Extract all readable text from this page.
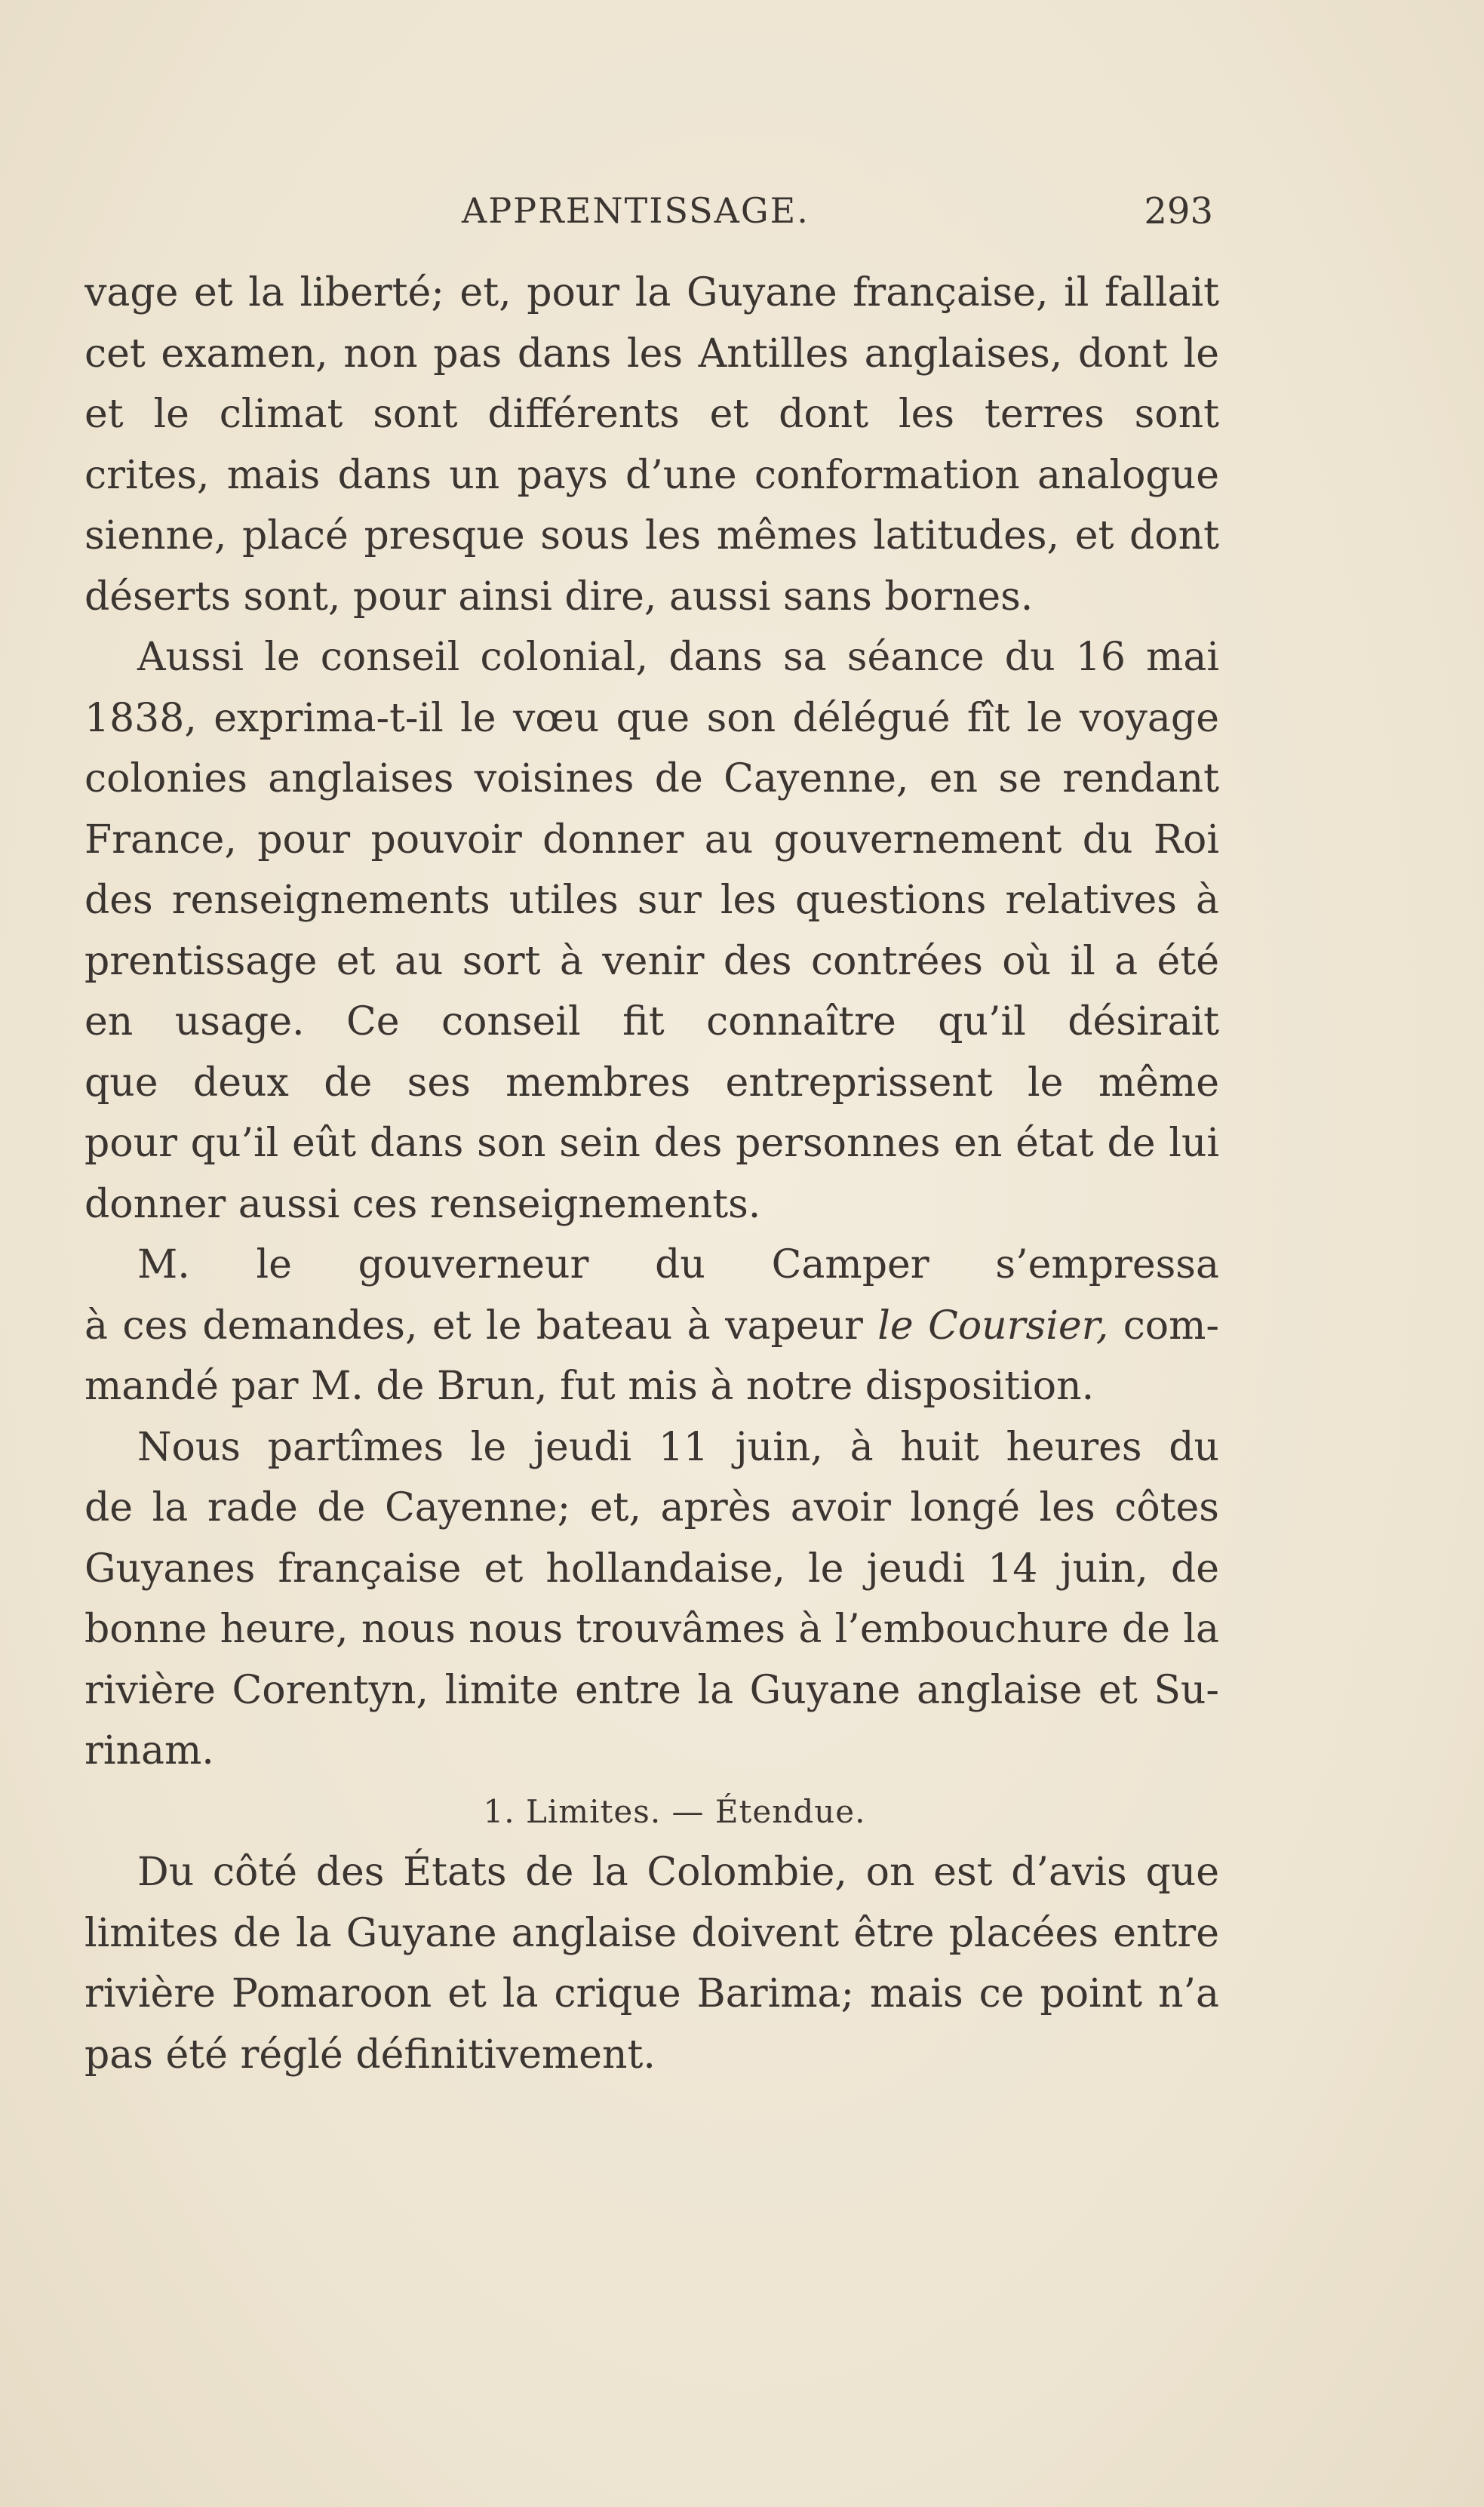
APPRENTISSAGE.	293
vage et la liberté; et, pour la Guyane française, il fallait
cet examen, non pas dans les Antilles anglaises, dont le
et le climat sont différents et dont les terres sont
crites, mais dans un pays d’une conformation analogue
sienne, placé presque sous les mêmes latitudes, et dont
déserts sont, pour ainsi dire, aussi sans bornes.
Aussi le conseil colonial, dans sa séance du 16 mai
1838, exprima-t-il le vœu que son délégué fît le voyage
colonies anglaises voisines de Cayenne, en se rendant
France, pour pouvoir donner au gouvernement du Roi
des renseignements utiles sur les questions relatives à
prentissage et au sort à venir des contrées où il a été
en usage. Ce conseil fit connaître qu’il désirait
que deux de ses membres entreprissent le même
pour qu’il eût dans son sein des personnes en état de lui
donner aussi ces renseignements.
M. le gouverneur du Camper s’empressa
à ces demandes, et le bateau à vapeur le Coursier, com-
mandé par M. de Brun, fut mis à notre disposition.
Nous partîmes le jeudi 11 juin, à huit heures du
de la rade de Cayenne; et, après avoir longé les côtes
Guyanes française et hollandaise, le jeudi 14 juin, de
bonne heure, nous nous trouvâmes à l’embouchure de la
rivière Corentyn, limite entre la Guyane anglaise et Su-
rinam.
1. Limites. — Étendue.
Du côté des États de la Colombie, on est d’avis que
limites de la Guyane anglaise doivent être placées entre
rivière Pomaroon et la crique Barima; mais ce point n’a
pas été réglé définitivement.
